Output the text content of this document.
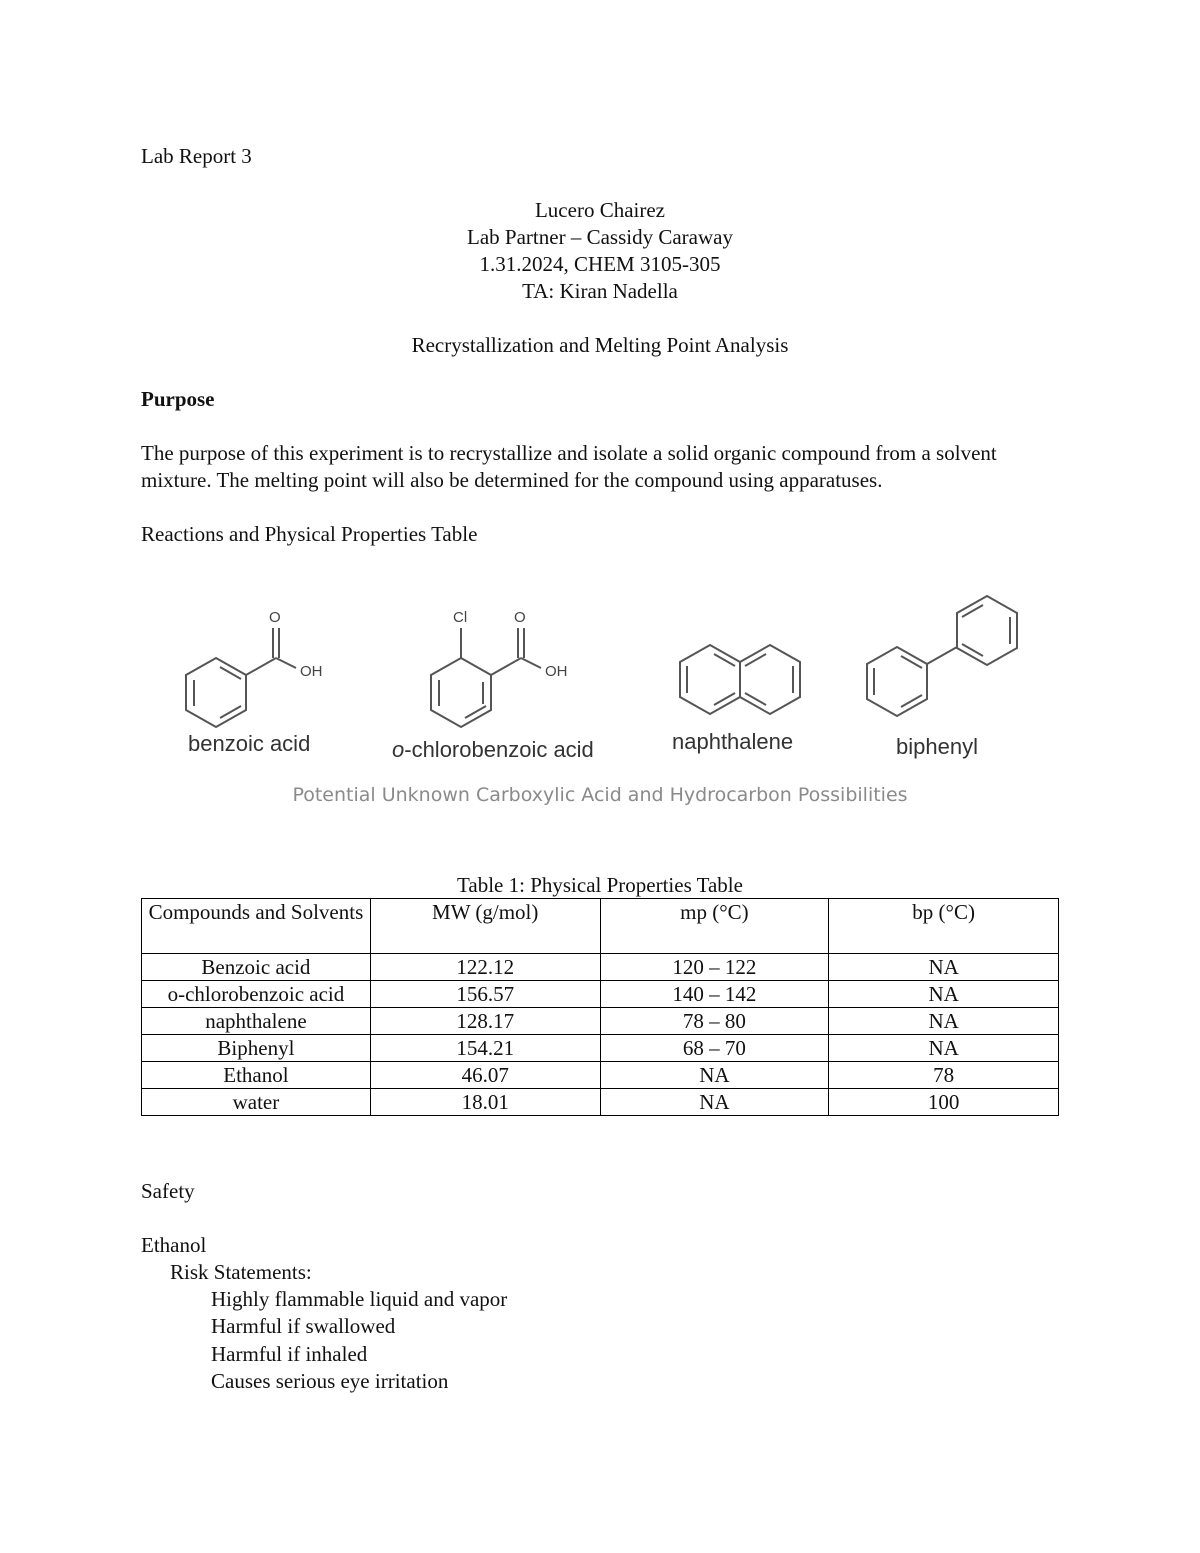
Lab Report 3
Lucero Chairez
Lab Partner – Cassidy Caraway
1.31.2024, CHEM 3105-305
TA: Kiran Nadella
Recrystallization and Melting Point Analysis
Purpose
The purpose of this experiment is to recrystallize and isolate a solid organic compound from a solvent mixture. The melting point will also be determined for the compound using apparatuses.
Reactions and Physical Properties Table
O
OH
benzoic acid
Cl	O
OH
o-chlorobenzoic acid	naphthalene	biphenyl
Potential Unknown Carboxylic Acid and Hydrocarbon Possibilities
Table 1: Physical Properties Table
Compounds and Solvents	MW (g/mol)	mp (°C)	bp (°C)
Benzoic acid	122.12	120 – 122	NA
o-chlorobenzoic acid	156.57	140 – 142	NA
naphthalene	128.17	78 – 80	NA
Biphenyl	154.21	68 – 70	NA
Ethanol	46.07	NA	78
water	18.01	NA	100
Safety
Ethanol
Risk Statements:
Highly flammable liquid and vapor
Harmful if swallowed
Harmful if inhaled
Causes serious eye irritation
